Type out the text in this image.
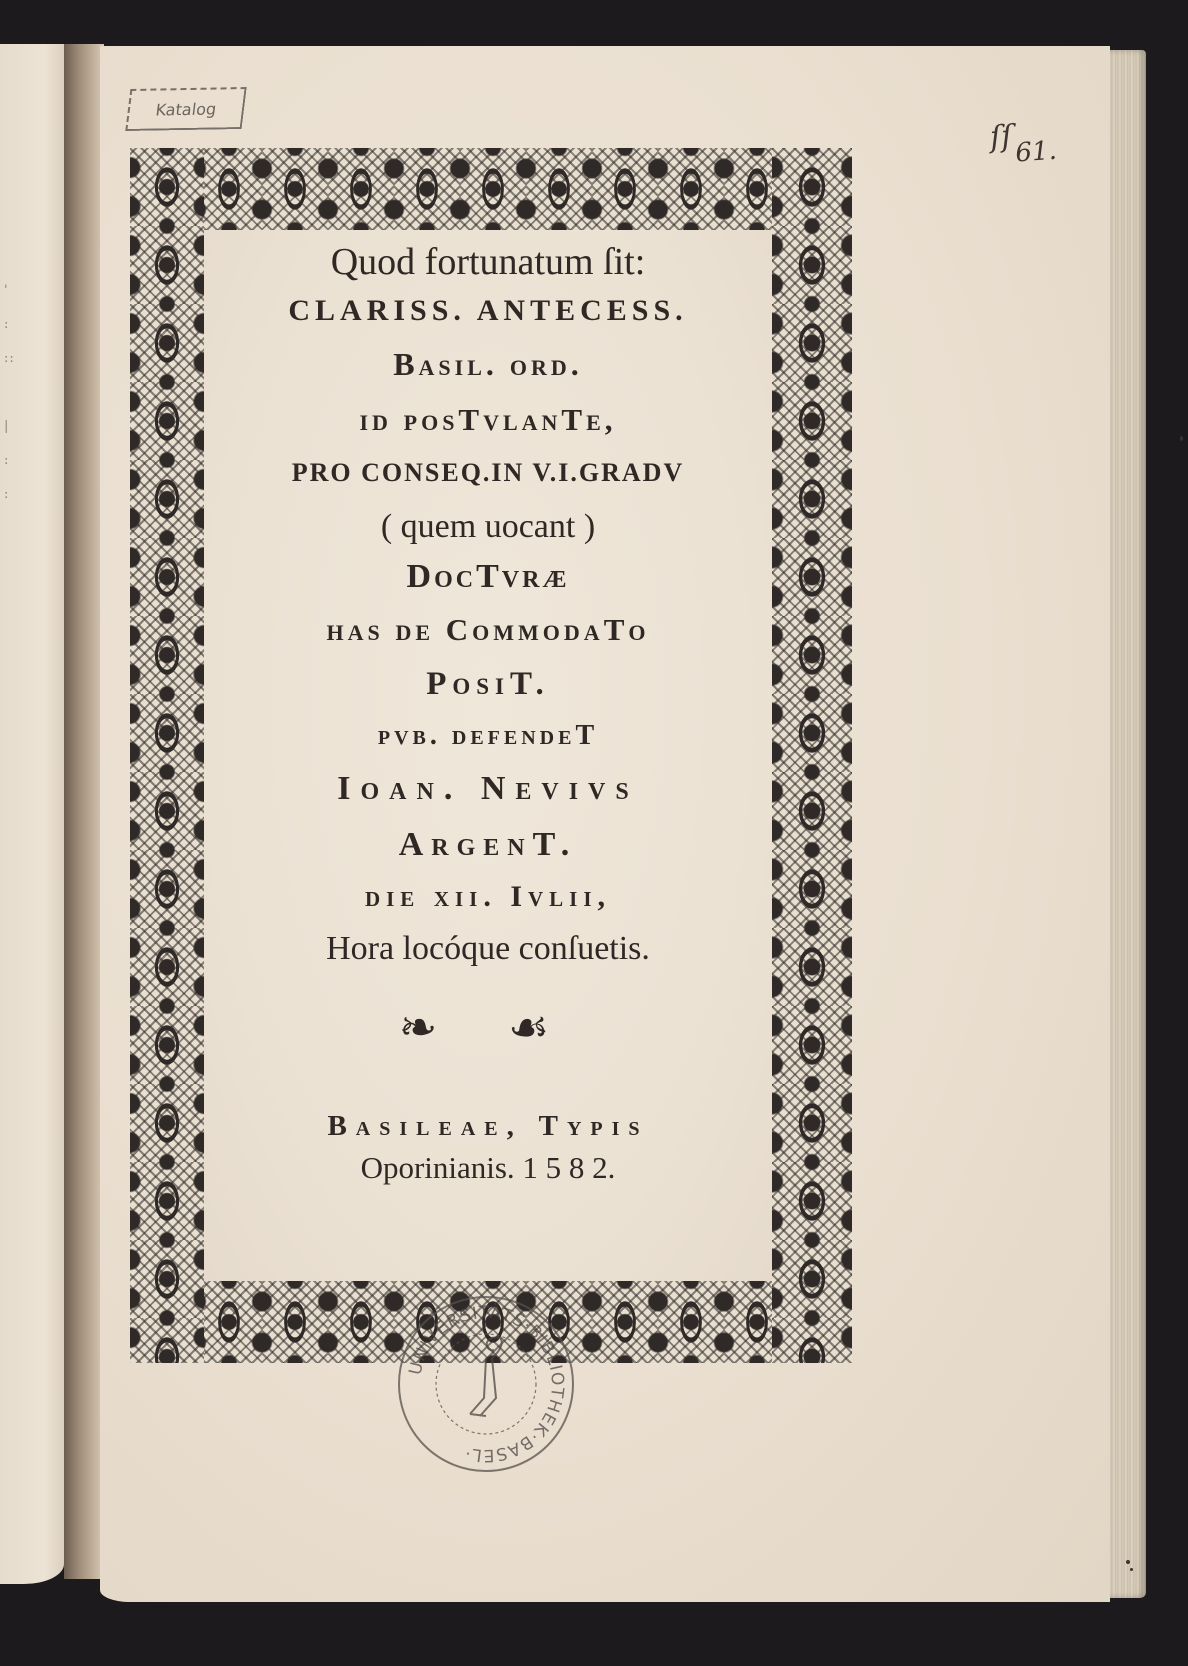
'
:
::

|
:
:
Katalog
ſſ61.
Quod fortunatum ſit:
CLARISS. ANTECESS.
Basil. ord.
id posTvlanTe,
PRO CONSEQ.IN V.I.GRADV
( quem uocant )
DocTvræ
has de CommodaTo
PosiT.
pvb. defendeT
Ioan. Nevivs
ArgenT.
die xii. Ivlii,
Hora locóque conſuetis.
❧ ☙
Basileae, Typis
Oporinianis. 1 5 8 2.
UNIVERSITÄTS·BIBLIOTHEK·BASEL·
